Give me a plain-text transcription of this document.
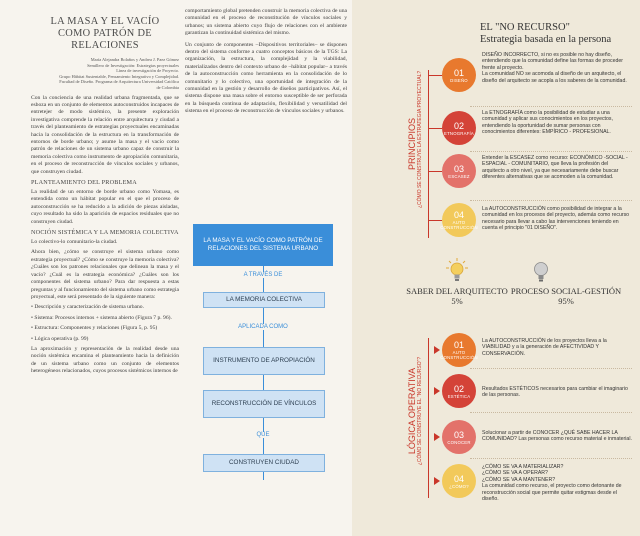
LA MASA Y EL VACÍO
COMO PATRÓN DE RELACIONES
María Alejandra Bolaños y Andrea J. Paez Gómez
Semillero de Investigación: Estrategias proyectuales
Línea de investigación de Proyecto.
Grupo Hábitat Sustentable, Pensamiento Integrativo y Complejidad.
Facultad de Diseño. Programa de Arquitectura Universidad Católica
de Colombia

Con la conciencia de una realidad urbana fragmentada, que se esboza en un conjunto de elementos autoconstruidos incapaces de entretejer de modo sistémico, la presente exploración investigativa comprende la relación entre arquitectura y ciudad a través del planteamiento de estrategias proyectuales encaminadas hacia la consolidación de la estructura en la transformación de entornos de borde urbano; y asume la masa y el vacío como patrón de relaciones de un sistema urbano capaz de construir la memoria colectiva como instrumento de apropiación comunitaria, en el proceso de reconstrucción de vínculos sociales y urbanos, que construyen ciudad.

PLANTEAMIENTO DEL PROBLEMA

La realidad de un entorno de borde urbano como Yomasa, es entendida como un hábitat popular en el que el proceso de autoconstrucción se ha reducido a la adición de piezas aisladas, cuyo resultado ha sido la aparición de espacios residuales que no construyen ciudad.

NOCIÓN SISTÉMICA Y LA MEMORIA COLECTIVA

Lo colectivo-lo comunitario-la ciudad.

Ahora bien, ¿cómo se construye el sistema urbano como estrategia proyectual? ¿Cómo se construye la memoria colectiva? ¿Cuáles son los patrones relacionales que delinean la masa y el vacío? ¿Cuál es la estrategia económica? ¿Cuáles son los componentes del sistema urbano? Para dar respuesta a estas preguntas y al funcionamiento del sistema urbano como estrategia proyectual, este será presentado de la siguiente manera:

• Descripción y caracterización de sistema urbano.

• Sistema: Procesos internos + sistema abierto (Figura 7 p. 96).

• Estructura: Componentes y relaciones (Figura 5, p. 95)

• Lógica operativa (p. 99)

La aproximación y representación de la realidad desde una noción sistémica encamina el planteamiento hacia la definición de un sistema urbano como un conjunto de elementos heterogéneos relacionados, cuyos procesos sistémicos internos de

comportamiento global pretenden construir la memoria colectiva de una comunidad en el proceso de reconstitución de vínculos sociales y urbanos; un sistema abierto cuyo flujo de relaciones con el ambiente garantizan la continuidad sistémica del mismo.

Un conjunto de componentes –Dispositivos territoriales– se disponen dentro del sistema conforme a cuatro conceptos básicos de la TGS: La organización, la estructura, la complejidad y la viabilidad, materializados dentro del contexto urbano de –hábitat popular– a través de la autoconstrucción como herramienta en la consolidación de lo comunitario y lo colectivo, una oportunidad de integración de la comunidad en la gestión y desarrollo de diseños participativos. Así, el sistema dispone una masa sobre el entorno susceptible de ser perforada en la búsqueda continua de adaptación, flexibilidad y versatilidad del sistema en el proceso de reconstrucción de vínculos sociales y urbanos.

LA MASA Y EL VACÍO COMO PATRÓN DE RELACIONES DEL SISTEMA URBANO
A TRAVÉS DE
LA MEMORIA COLECTIVA
APLICADA COMO
INSTRUMENTO DE APROPIACIÓN
RECONSTRUCCIÓN DE VÍNCULOS
QUE
CONSTRUYEN CIUDAD
EL "NO RECURSO"
Estrategia basada en la persona
PRINCIPIOS ¿CÓMO SE CONSTRUYE LA ESTRATEGIA PROYECTUAL?	01
DISEÑO
02
ETNOGRAFÍA
03
ESCASEZ
04
AUTO CONSTRUCCIÓN
DISEÑO INCORRECTO, si no es posible no hay diseño, entendiendo que la comunidad define las formas de proceder frente al proyecto.
La comunidad NO se acomoda al diseño de un arquitecto, el diseño del arquitecto se acopla a los saberes de la comunidad.
La ETNOGRAFÍA como la posibilidad de estudiar a una comunidad y aplicar sus conocimientos en los proyectos, entendiendo la oportunidad de sumar personas con conocimientos diferentes: EMPÍRICO - PROFESIONAL.
Entender la ESCASEZ como recurso: ECONÓMICO -SOCIAL - ESPACIAL - COMUNITARIO, que lleva la profesión del arquitecto a otro nivel, ya que necesariamente debe buscar diferentes alternativas que se acomoden a la comunidad.
La AUTOCONSTRUCCIÓN como posibilidad de integrar a la comunidad en los procesos del proyecto, además como recurso necesario para llevar a cabo las intervenciones teniendo en cuenta el principio "01 DISEÑO".
SABER DEL ARQUITECTO
5%
PROCESO SOCIAL-GESTIÓN
95%
LÓGICA OPERATIVA ¿CÓMO SE CONSTRUYE EL "NO RECURSO"?
01
AUTO CONSTRUCCIÓN
02
ESTÉTICA
03
CONOCER
04
¿CÓMO?
La AUTOCONSTRUCCIÓN de los proyectos lleva a la VIABILIDAD y a la generación de AFECTIVIDAD Y CONSERVACIÓN.
Resultados ESTÉTICOS necesarios para cambiar el imaginario de las personas.
Solucionar a partir de CONOCER ¿QUÉ SABE HACER LA COMUNIDAD? Las personas como recurso material e inmaterial.
¿CÓMO SE VA A MATERIALIZAR?
¿CÓMO SE VA A OPERAR?
¿CÓMO SE VA A MANTENER?
La comunidad como recurso, el proyecto como detonante de reconstrucción social que permite quitar estigmas desde el diseño.
